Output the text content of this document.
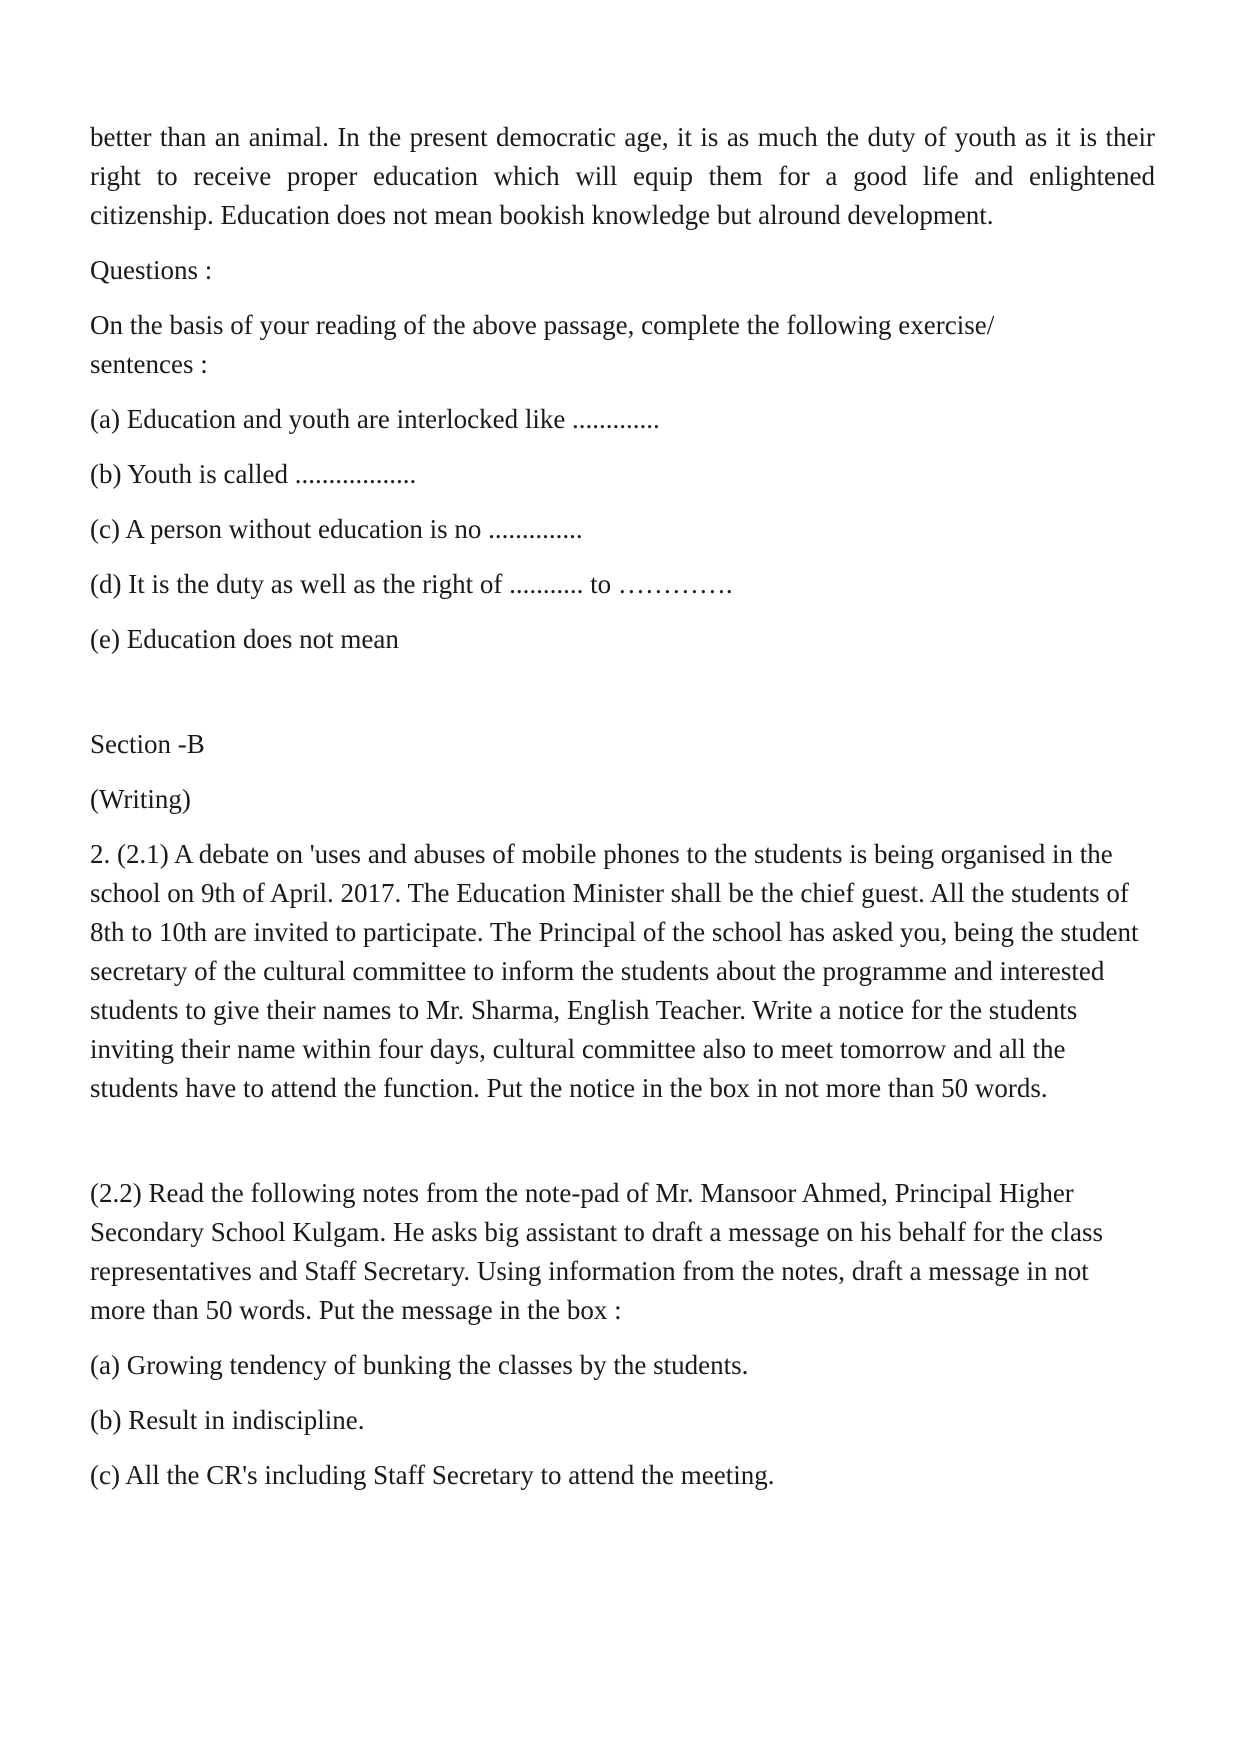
better than an animal. In the present democratic age, it is as much the duty of youth as it is their right to receive proper education which will equip them for a good life and enlightened citizenship. Education does not mean bookish knowledge but alround development.

Questions :

On the basis of your reading of the above passage, complete the following exercise/ sentences :

(a) Education and youth are interlocked like .............

(b) Youth is called ..................

(c) A person without education is no ..............

(d) It is the duty as well as the right of ........... to ………….

(e) Education does not mean

Section -B

(Writing)

2. (2.1) A debate on 'uses and abuses of mobile phones to the students is being organised in the school on 9th of April. 2017. The Education Minister shall be the chief guest. All the students of 8th to 10th are invited to participate. The Principal of the school has asked you, being the student secretary of the cultural committee to inform the students about the programme and interested students to give their names to Mr. Sharma, English Teacher. Write a notice for the students inviting their name within four days, cultural committee also to meet tomorrow and all the students have to attend the function. Put the notice in the box in not more than 50 words.

(2.2) Read the following notes from the note-pad of Mr. Mansoor Ahmed, Principal Higher Secondary School Kulgam. He asks big assistant to draft a message on his behalf for the class representatives and Staff Secretary. Using information from the notes, draft a message in not more than 50 words. Put the message in the box :

(a) Growing tendency of bunking the classes by the students.

(b) Result in indiscipline.

(c) All the CR's including Staff Secretary to attend the meeting.
